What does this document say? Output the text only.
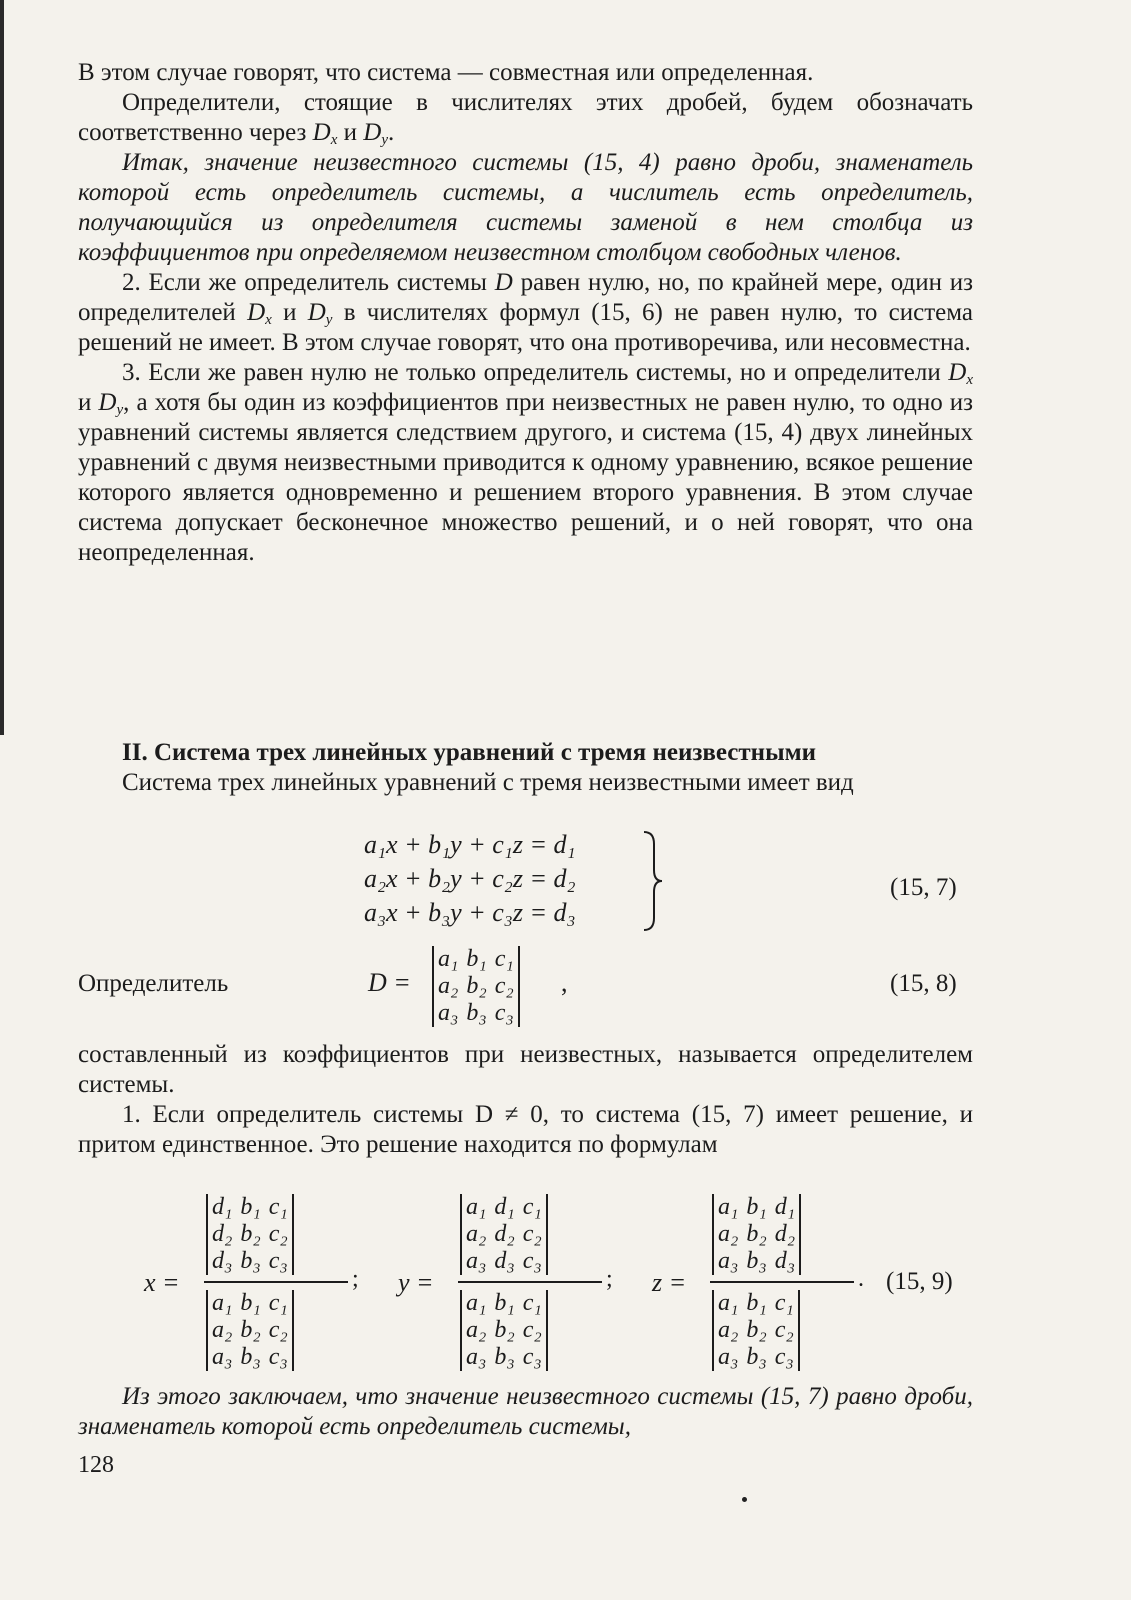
В этом случае говорят, что система — совместная или определенная.

Определители, стоящие в числителях этих дробей, будем обозначать соответственно через $D_x$ и $D_y$.

Итак, значение неизвестного системы (15, 4) равно дроби, знаменатель которой есть определитель системы, а числитель есть определитель, получающийся из определителя системы заменой в нем столбца из коэффициентов при определяемом неизвестном столбцом свободных членов.

2. Если же определитель системы D равен нулю, но, по крайней мере, один из определителей $D_x$ и $D_y$ в числителях формул (15, 6) не равен нулю, то система решений не имеет. В этом случае говорят, что она противоречива, или несовместна.

3. Если же равен нулю не только определитель системы, но и определители $D_x$ и $D_y$, а хотя бы один из коэффициентов при неизвестных не равен нулю, то одно из уравнений системы является следствием другого, и система (15, 4) двух линейных уравнений с двумя неизвестными приводится к одному уравнению, всякое решение которого является одновременно и решением второго уравнения. В этом случае система допускает бесконечное множество решений, и о ней говорят, что она неопределенная.

II. Система трех линейных уравнений с тремя неизвестными

Система трех линейных уравнений с тремя неизвестными имеет вид

a₁x + b₁y + c₁z = d₁
a₂x + b₂y + c₂z = d₂
a₃x + b₃y + c₃z = d₃
(15, 7)
Определитель	D =
a₁	b₁	c₁
a₂	b₂	c₂
a₃	b₃	c₃
,	(15, 8)

составленный из коэффициентов при неизвестных, называется определителем системы.

1. Если определитель системы D ≠ 0, то система (15, 7) имеет решение, и притом единственное. Это решение находится по формулам

x =
d₁	b₁	c₁
d₂	b₂	c₂
d₃	b₃	c₃
a₁	b₁	c₁
a₂	b₂	c₂
a₃	b₃	c₃
; y =
a₁	d₁	c₁
a₂	d₂	c₂
a₃	d₃	c₃
a₁	b₁	c₁
a₂	b₂	c₂
a₃	b₃	c₃
; z =
a₁	b₁	d₁
a₂	b₂	d₂
a₃	b₃	d₃
a₁	b₁	c₁
a₂	b₂	c₂
a₃	b₃	c₃
. (15, 9)

Из этого заключаем, что значение неизвестного системы (15, 7) равно дроби, знаменатель которой есть определитель системы,

128
